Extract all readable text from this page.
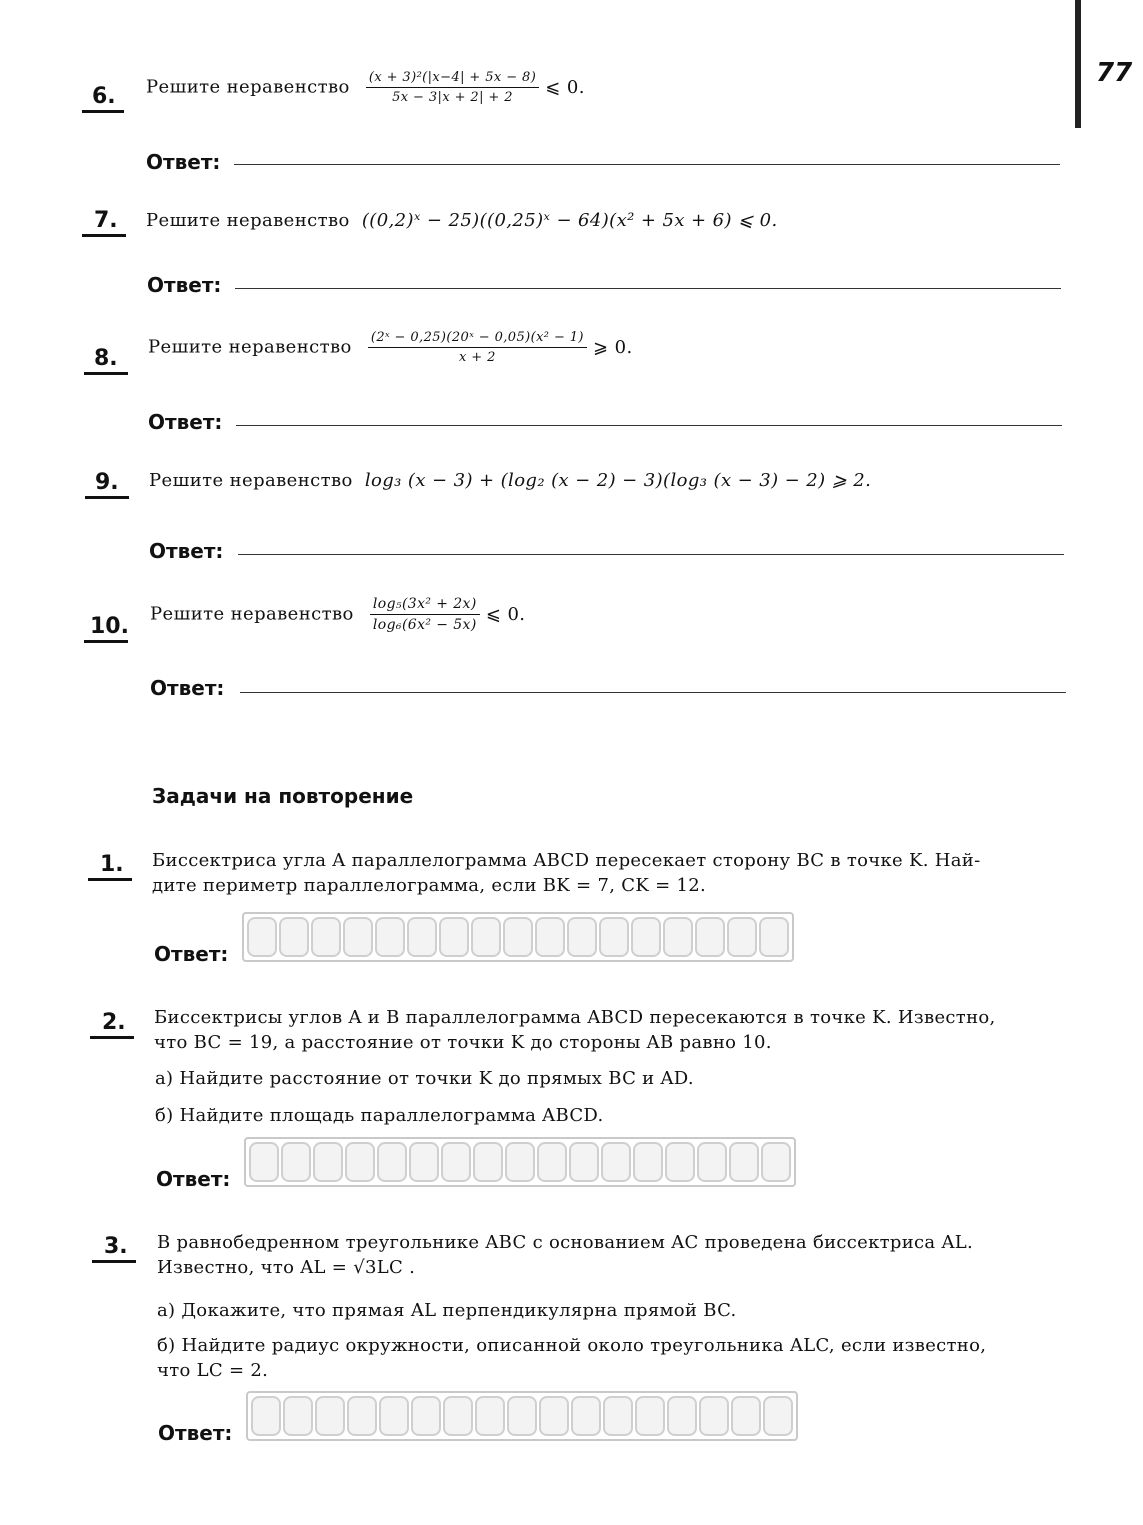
77
6. Решите неравенство $\frac{\text{(x + 3)²(|x−4| + 5x − 8)}}{5x - 3|x + 2| + 2}$ ⩽ 0.
Ответ:
7. Решите неравенство ((0,2)ˣ − 25)((0,25)ˣ − 64)(x² + 5x + 6) ⩽ 0.
Ответ:
8. Решите неравенство $\frac{\text{(2ˣ − 0,25)(20ˣ − 0,05)(x² − 1)}}{x + 2}$ ⩾ 0.
Ответ:
9. Решите неравенство log₃ (x − 3) + (log₂ (x − 2) − 3)(log₃ (x − 3) − 2) ⩾ 2.
Ответ:
10. Решите неравенство $\frac{\text{log₅(3x² + 2x)}}{\text{log₆(6x² − 5x)}}$ ⩽ 0.
Ответ:
Задачи на повторение
1. Биссектриса угла A параллелограмма ABCD пересекает сторону BC в точке K. Най-
дите периметр параллелограмма, если BK = 7, CK = 12.
Ответ:
2. Биссектрисы углов A и B параллелограмма ABCD пересекаются в точке K. Известно,
что BC = 19, а расстояние от точки K до стороны AB равно 10.
а) Найдите расстояние от точки K до прямых BC и AD.
б) Найдите площадь параллелограмма ABCD.
Ответ:
3. В равнобедренном треугольнике ABC с основанием AC проведена биссектриса AL.
Известно, что AL = √3LC .
а) Докажите, что прямая AL перпендикулярна прямой BC.
б) Найдите радиус окружности, описанной около треугольника ALC, если известно,
что LC = 2.
Ответ:
